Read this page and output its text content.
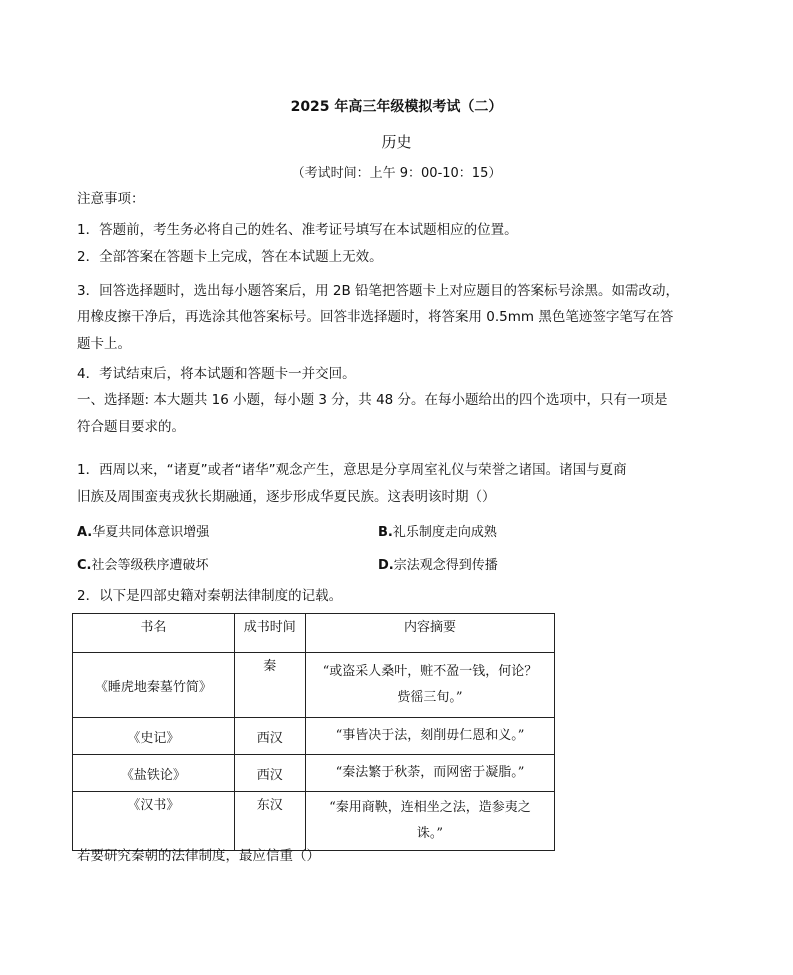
2025 年高三年级模拟考试（二）
历史
（考试时间：上午 9：00-10：15）
注意事项：
1．答题前，考生务必将自己的姓名、准考证号填写在本试题相应的位置。
2．全部答案在答题卡上完成，答在本试题上无效。
3．回答选择题时，选出每小题答案后，用 2B 铅笔把答题卡上对应题目的答案标号涂黑。如需改动，
用橡皮擦干净后，再选涂其他答案标号。回答非选择题时，将答案用 0.5mm 黑色笔迹签字笔写在答
题卡上。
4．考试结束后，将本试题和答题卡一并交回。
一、选择题: 本大题共 16 小题，每小题 3 分，共 48 分。在每小题给出的四个选项中，只有一项是
符合题目要求的。
1．西周以来，“诸夏”或者“诸华”观念产生，意思是分享周室礼仪与荣誉之诸国。诸国与夏商
旧族及周围蛮夷戎狄长期融通，逐步形成华夏民族。这表明该时期（）
A.华夏共同体意识增强	B.礼乐制度走向成熟
C.社会等级秩序遭破坏	D.宗法观念得到传播
2．以下是四部史籍对秦朝法律制度的记载。
书名	成书时间	内容摘要
《睡虎地秦墓竹简》	秦	“或盗采人桑叶，赃不盈一钱，何论？
赀徭三旬。”

《史记》	西汉	“事皆决于法，刻削毋仁恩和义。”
《盐铁论》	西汉	“秦法繁于秋荼，而网密于凝脂。”
《汉书》	东汉	“秦用商鞅，连相坐之法，造参夷之
诛。”
若要研究秦朝的法律制度，最应信重（）
